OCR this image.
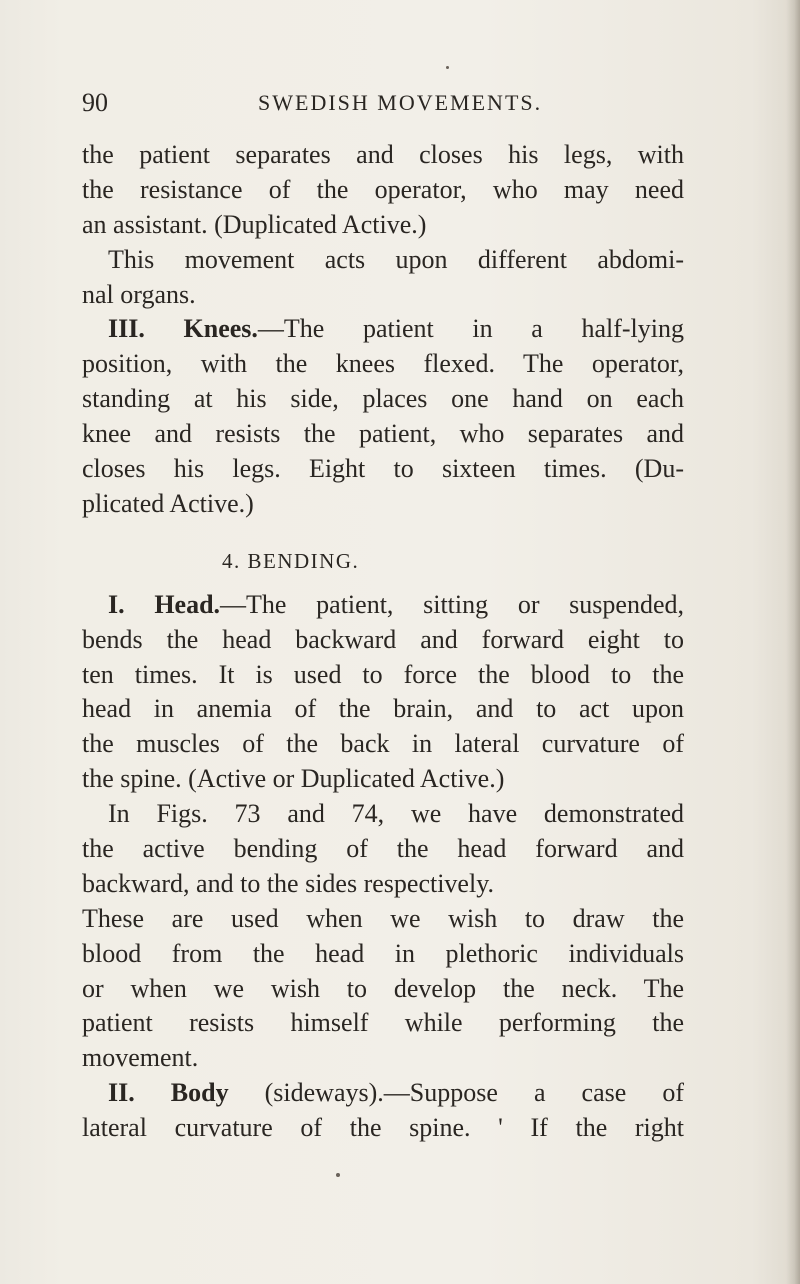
90	SWEDISH MOVEMENTS.
the patient separates and closes his legs, with
the resistance of the operator, who may need
an assistant. (Duplicated Active.)
This movement acts upon different abdomi-
nal organs.
III. Knees.—The patient in a half-lying
position, with the knees flexed. The operator,
standing at his side, places one hand on each
knee and resists the patient, who separates and
closes his legs. Eight to sixteen times. (Du-
plicated Active.)
4. BENDING.
I. Head.—The patient, sitting or suspended,
bends the head backward and forward eight to
ten times. It is used to force the blood to the
head in anemia of the brain, and to act upon
the muscles of the back in lateral curvature of
the spine. (Active or Duplicated Active.)
In Figs. 73 and 74, we have demonstrated
the active bending of the head forward and
backward, and to the sides respectively.
These are used when we wish to draw the
blood from the head in plethoric individuals
or when we wish to develop the neck. The
patient resists himself while performing the
movement.
II. Body (sideways).—Suppose a case of
lateral curvature of the spine. ' If the right
